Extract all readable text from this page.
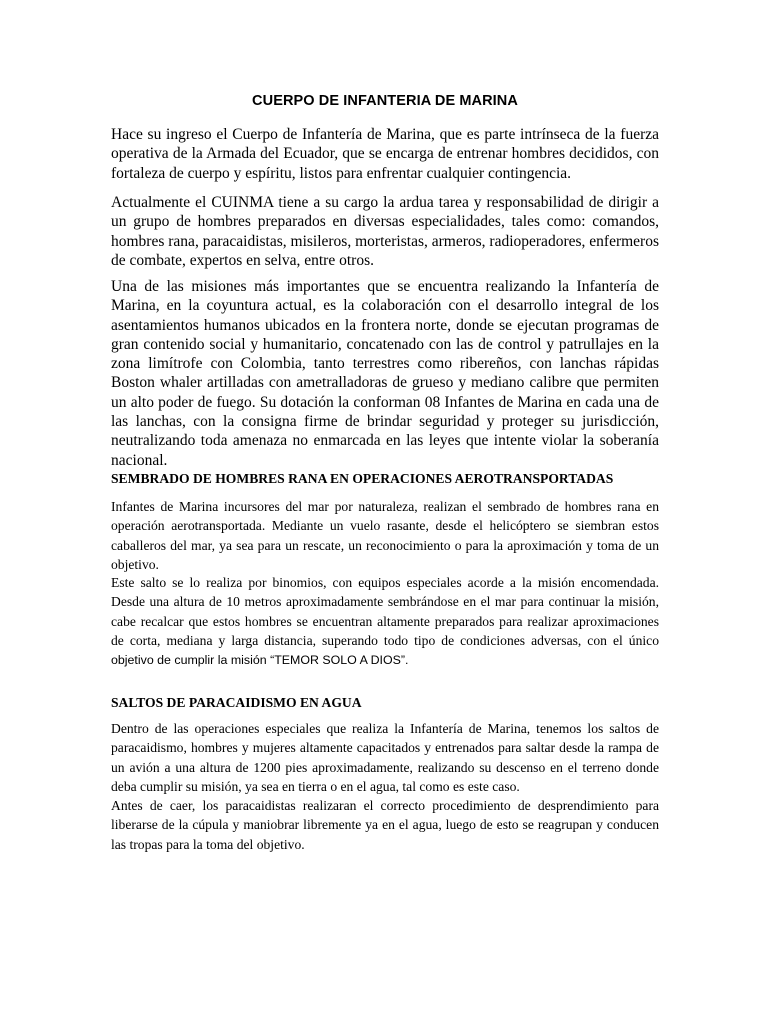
CUERPO DE INFANTERIA DE MARINA

Hace su ingreso el Cuerpo de Infantería de Marina, que es parte intrínseca de la fuerza operativa de la Armada del Ecuador, que se encarga de entrenar hombres decididos, con fortaleza de cuerpo y espíritu, listos para enfrentar cualquier contingencia.

Actualmente el CUINMA tiene a su cargo la ardua tarea y responsabilidad de dirigir a un grupo de hombres preparados en diversas especialidades, tales como: comandos, hombres rana, paracaidistas, misileros, morteristas, armeros, radioperadores, enfermeros de combate, expertos en selva, entre otros.

Una de las misiones más importantes que se encuentra realizando la Infantería de Marina, en la coyuntura actual, es la colaboración con el desarrollo integral de los asentamientos humanos ubicados en la frontera norte, donde se ejecutan programas de gran contenido social y humanitario, concatenado con las de control y patrullajes en la zona limítrofe con Colombia, tanto terrestres como ribereños, con lanchas rápidas Boston whaler artilladas con ametralladoras de grueso y mediano calibre que permiten un alto poder de fuego. Su dotación la conforman 08 Infantes de Marina en cada una de las lanchas, con la consigna firme de brindar seguridad y proteger su jurisdicción, neutralizando toda amenaza no enmarcada en las leyes que intente violar la soberanía nacional.

SEMBRADO DE HOMBRES RANA EN OPERACIONES AEROTRANSPORTADAS

Infantes de Marina incursores del mar por naturaleza, realizan el sembrado de hombres rana en operación aerotransportada. Mediante un vuelo rasante, desde el helicóptero se siembran estos caballeros del mar, ya sea para un rescate, un reconocimiento o para la aproximación y toma de un objetivo.

Este salto se lo realiza por binomios, con equipos especiales acorde a la misión encomendada. Desde una altura de 10 metros aproximadamente sembrándose en el mar para continuar la misión, cabe recalcar que estos hombres se encuentran altamente preparados para realizar aproximaciones de corta, mediana y larga distancia, superando todo tipo de condiciones adversas, con el único objetivo de cumplir la misión “TEMOR SOLO A DIOS”.

SALTOS DE PARACAIDISMO EN AGUA

Dentro de las operaciones especiales que realiza la Infantería de Marina, tenemos los saltos de paracaidismo, hombres y mujeres altamente capacitados y entrenados para saltar desde la rampa de un avión a una altura de 1200 pies aproximadamente, realizando su descenso en el terreno donde deba cumplir su misión, ya sea en tierra o en el agua, tal como es este caso.

Antes de caer, los paracaidistas realizaran el correcto procedimiento de desprendimiento para liberarse de la cúpula y maniobrar libremente ya en el agua, luego de esto se reagrupan y conducen las tropas para la toma del objetivo.
